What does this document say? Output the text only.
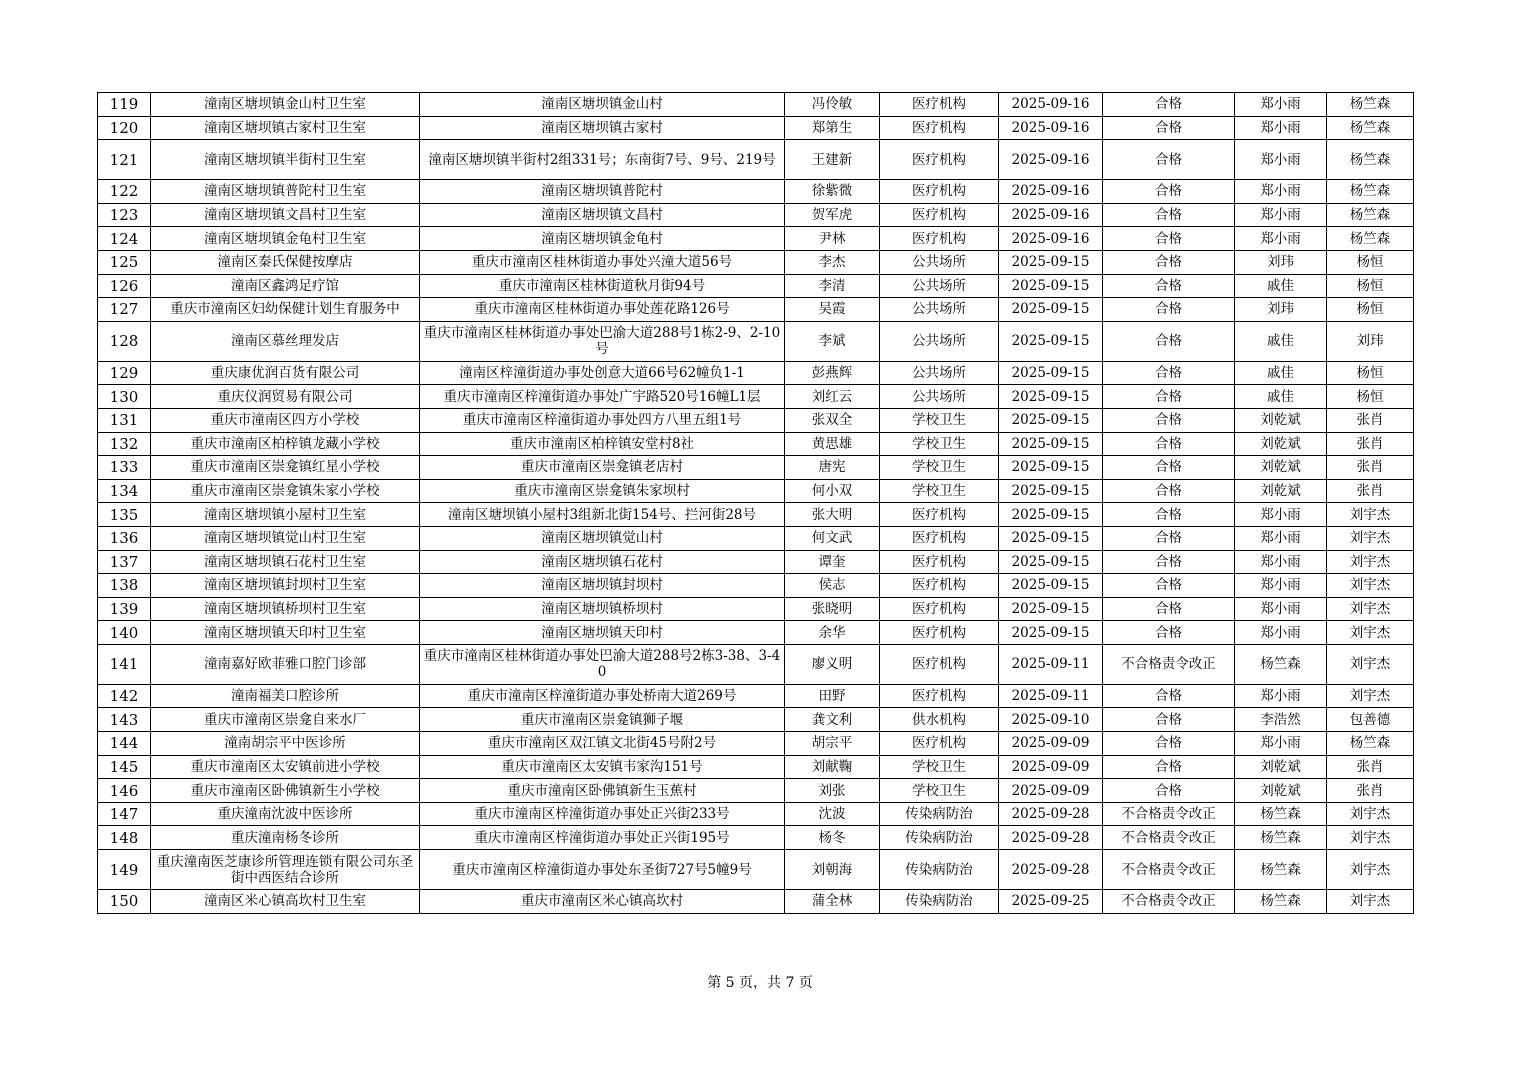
119	潼南区塘坝镇金山村卫生室	潼南区塘坝镇金山村	冯伶敏	医疗机构	2025-09-16	合格	郑小雨	杨竺森
120	潼南区塘坝镇古家村卫生室	潼南区塘坝镇古家村	郑第生	医疗机构	2025-09-16	合格	郑小雨	杨竺森
121	潼南区塘坝镇半街村卫生室	潼南区塘坝镇半街村2组331号；东南街7号、9号、219号	王建新	医疗机构	2025-09-16	合格	郑小雨	杨竺森
122	潼南区塘坝镇普陀村卫生室	潼南区塘坝镇普陀村	徐紫微	医疗机构	2025-09-16	合格	郑小雨	杨竺森
123	潼南区塘坝镇文昌村卫生室	潼南区塘坝镇文昌村	贺军虎	医疗机构	2025-09-16	合格	郑小雨	杨竺森
124	潼南区塘坝镇金龟村卫生室	潼南区塘坝镇金龟村	尹林	医疗机构	2025-09-16	合格	郑小雨	杨竺森
125	潼南区秦氏保健按摩店	重庆市潼南区桂林街道办事处兴潼大道56号	李杰	公共场所	2025-09-15	合格	刘玮	杨恒
126	潼南区鑫鸿足疗馆	重庆市潼南区桂林街道秋月街94号	李清	公共场所	2025-09-15	合格	戚佳	杨恒
127	重庆市潼南区妇幼保健计划生育服务中	重庆市潼南区桂林街道办事处莲花路126号	吴霞	公共场所	2025-09-15	合格	刘玮	杨恒
128	潼南区慕丝理发店	重庆市潼南区桂林街道办事处巴渝大道288号1栋2-9、2-10号	李斌	公共场所	2025-09-15	合格	戚佳	刘玮
129	重庆康优润百货有限公司	潼南区梓潼街道办事处创意大道66号62幢负1-1	彭燕辉	公共场所	2025-09-15	合格	戚佳	杨恒
130	重庆仪润贸易有限公司	重庆市潼南区梓潼街道办事处广宇路520号16幢L1层	刘红云	公共场所	2025-09-15	合格	戚佳	杨恒
131	重庆市潼南区四方小学校	重庆市潼南区梓潼街道办事处四方八里五组1号	张双全	学校卫生	2025-09-15	合格	刘乾斌	张肖
132	重庆市潼南区柏梓镇龙藏小学校	重庆市潼南区柏梓镇安堂村8社	黄思雄	学校卫生	2025-09-15	合格	刘乾斌	张肖
133	重庆市潼南区崇龛镇红星小学校	重庆市潼南区崇龛镇老店村	唐宪	学校卫生	2025-09-15	合格	刘乾斌	张肖
134	重庆市潼南区崇龛镇朱家小学校	重庆市潼南区崇龛镇朱家坝村	何小双	学校卫生	2025-09-15	合格	刘乾斌	张肖
135	潼南区塘坝镇小屋村卫生室	潼南区塘坝镇小屋村3组新北街154号、拦河街28号	张大明	医疗机构	2025-09-15	合格	郑小雨	刘宇杰
136	潼南区塘坝镇觉山村卫生室	潼南区塘坝镇觉山村	何文武	医疗机构	2025-09-15	合格	郑小雨	刘宇杰
137	潼南区塘坝镇石花村卫生室	潼南区塘坝镇石花村	谭奎	医疗机构	2025-09-15	合格	郑小雨	刘宇杰
138	潼南区塘坝镇封坝村卫生室	潼南区塘坝镇封坝村	侯志	医疗机构	2025-09-15	合格	郑小雨	刘宇杰
139	潼南区塘坝镇桥坝村卫生室	潼南区塘坝镇桥坝村	张晓明	医疗机构	2025-09-15	合格	郑小雨	刘宇杰
140	潼南区塘坝镇天印村卫生室	潼南区塘坝镇天印村	余华	医疗机构	2025-09-15	合格	郑小雨	刘宇杰
141	潼南嘉好欧菲雅口腔门诊部	重庆市潼南区桂林街道办事处巴渝大道288号2栋3-38、3-40	廖义明	医疗机构	2025-09-11	不合格责令改正	杨竺森	刘宇杰
142	潼南福美口腔诊所	重庆市潼南区梓潼街道办事处桥南大道269号	田野	医疗机构	2025-09-11	合格	郑小雨	刘宇杰
143	重庆市潼南区崇龛自来水厂	重庆市潼南区崇龛镇狮子堰	龚文利	供水机构	2025-09-10	合格	李浩然	包善德
144	潼南胡宗平中医诊所	重庆市潼南区双江镇文北街45号附2号	胡宗平	医疗机构	2025-09-09	合格	郑小雨	杨竺森
145	重庆市潼南区太安镇前进小学校	重庆市潼南区太安镇韦家沟151号	刘献鞠	学校卫生	2025-09-09	合格	刘乾斌	张肖
146	重庆市潼南区卧佛镇新生小学校	重庆市潼南区卧佛镇新生玉蕉村	刘张	学校卫生	2025-09-09	合格	刘乾斌	张肖
147	重庆潼南沈波中医诊所	重庆市潼南区梓潼街道办事处正兴街233号	沈波	传染病防治	2025-09-28	不合格责令改正	杨竺森	刘宇杰
148	重庆潼南杨冬诊所	重庆市潼南区梓潼街道办事处正兴街195号	杨冬	传染病防治	2025-09-28	不合格责令改正	杨竺森	刘宇杰
149	重庆潼南医芝康诊所管理连锁有限公司东圣街中西医结合诊所	重庆市潼南区梓潼街道办事处东圣街727号5幢9号	刘朝海	传染病防治	2025-09-28	不合格责令改正	杨竺森	刘宇杰
150	潼南区米心镇高坎村卫生室	重庆市潼南区米心镇高坎村	蒲全林	传染病防治	2025-09-25	不合格责令改正	杨竺森	刘宇杰
第 5 页，共 7 页
